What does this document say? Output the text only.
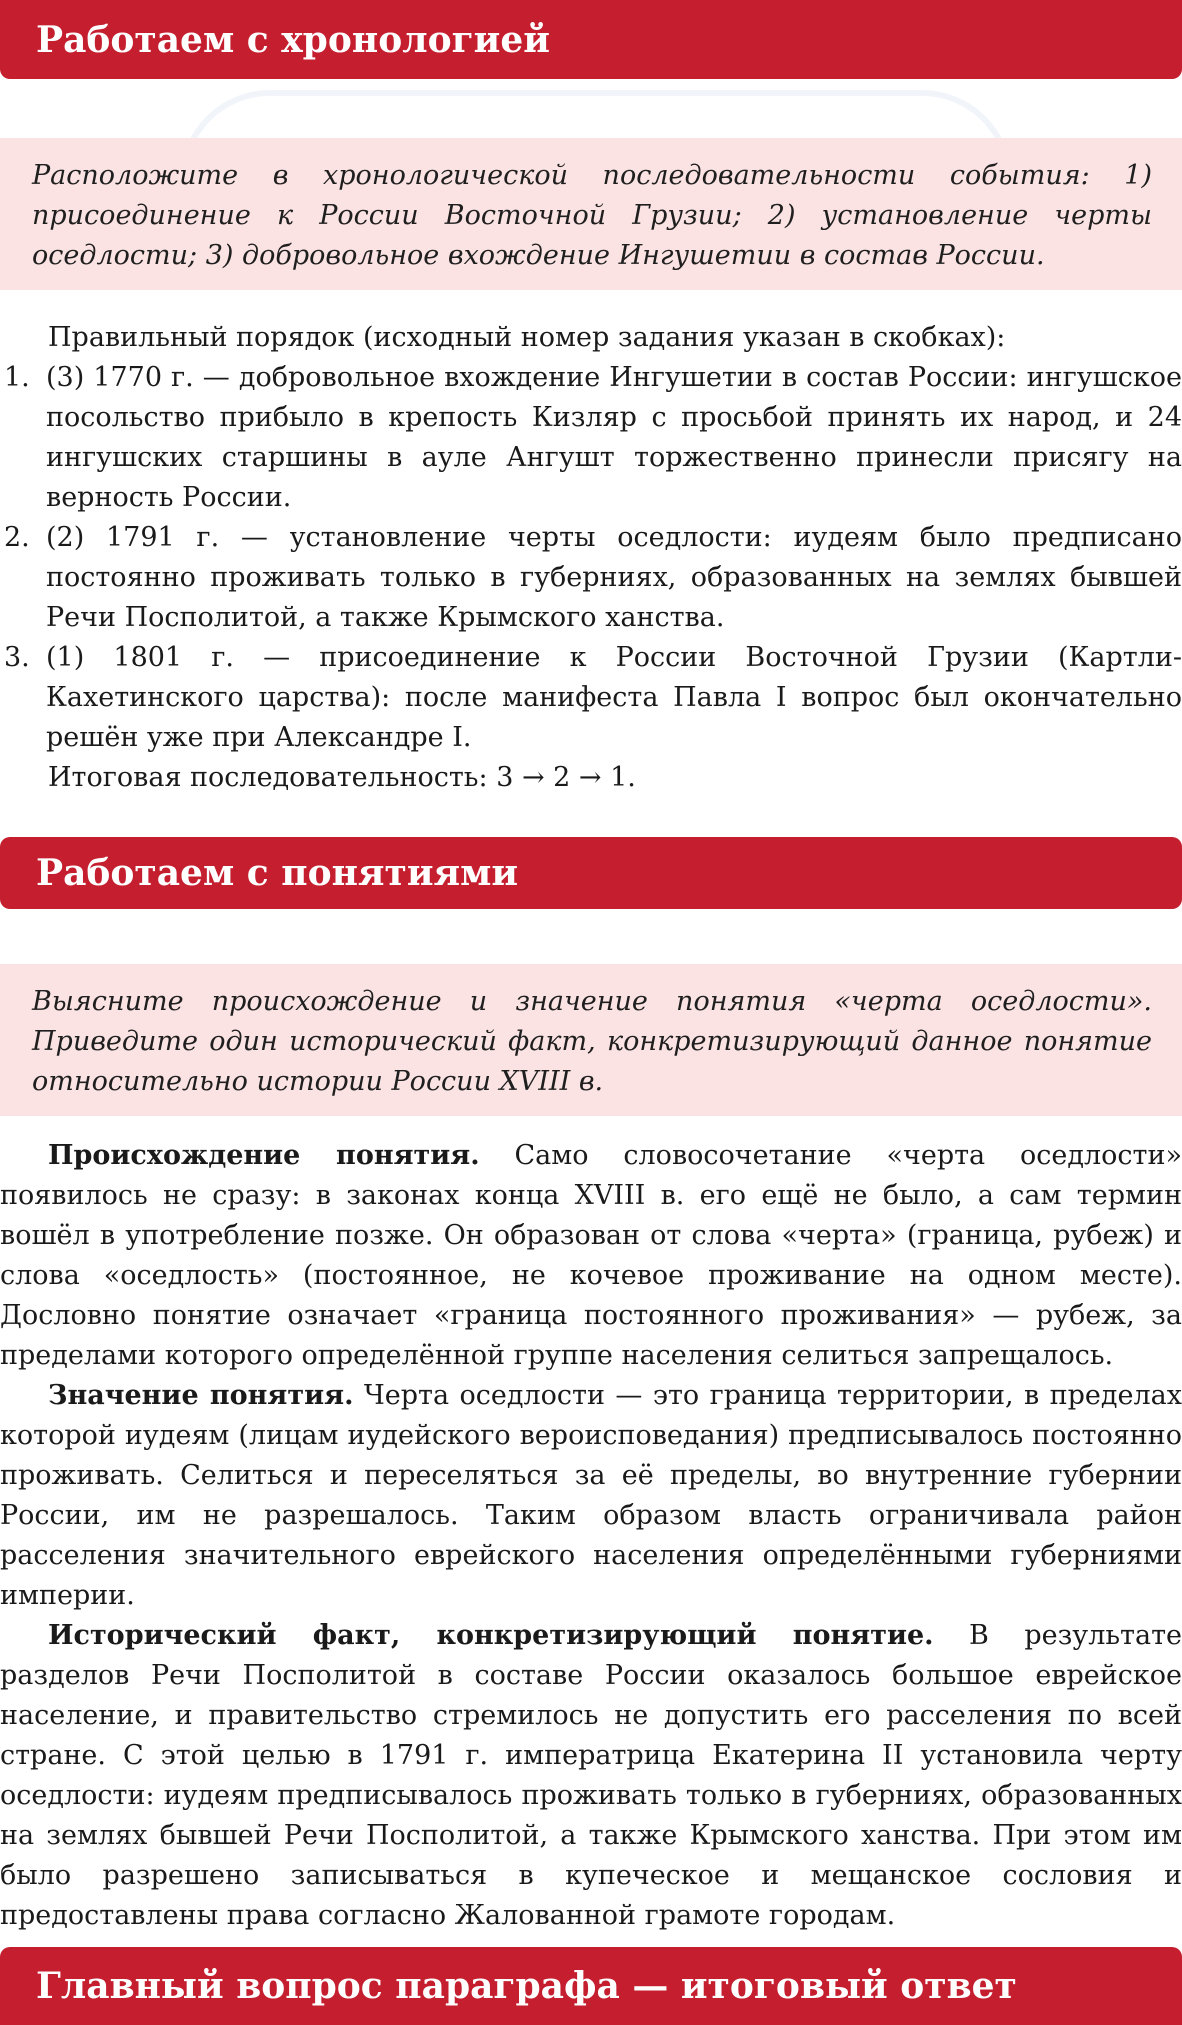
Работаем с хронологией

Расположите в хронологической последовательности события: 1) присоединение к России Восточной Грузии; 2) установление черты оседлости; 3) добровольное вхождение Ингушетии в состав России.

Правильный порядок (исходный номер задания указан в скобках):
1. (3) 1770 г. — добровольное вхождение Ингушетии в состав России: ингушское посольство прибыло в крепость Кизляр с просьбой принять их народ, и 24 ингушских старшины в ауле Ангушт торжественно принесли присягу на верность России.
2. (2) 1791 г. — установление черты оседлости: иудеям было предписано постоянно проживать только в губерниях, образованных на землях бывшей Речи Посполитой, а также Крымского ханства.
3. (1) 1801 г. — присоединение к России Восточной Грузии (Картли-Кахетинского царства): после манифеста Павла I вопрос был окончательно решён уже при Александре I.
Итоговая последовательность: 3 → 2 → 1.
Работаем с понятиями

Выясните происхождение и значение понятия «черта оседлости». Приведите один исторический факт, конкретизирующий данное понятие относительно истории России XVIII в.

Происхождение понятия. Само словосочетание «черта оседлости» появилось не сразу: в законах конца XVIII в. его ещё не было, а сам термин вошёл в употребление позже. Он образован от слова «черта» (граница, рубеж) и слова «оседлость» (постоянное, не кочевое проживание на одном месте). Дословно понятие означает «граница постоянного проживания» — рубеж, за пределами которого определённой группе населения селиться запрещалось.

Значение понятия. Черта оседлости — это граница территории, в пределах которой иудеям (лицам иудейского вероисповедания) предписывалось постоянно проживать. Селиться и переселяться за её пределы, во внутренние губернии России, им не разрешалось. Таким образом власть ограничивала район расселения значительного еврейского населения определёнными губерниями империи.

Исторический факт, конкретизирующий понятие. В результате разделов Речи Посполитой в составе России оказалось большое еврейское население, и правительство стремилось не допустить его расселения по всей стране. С этой целью в 1791 г. императрица Екатерина II установила черту оседлости: иудеям предписывалось проживать только в губерниях, образованных на землях бывшей Речи Посполитой, а также Крымского ханства. При этом им было разрешено записываться в купеческое и мещанское сословия и предоставлены права согласно Жалованной грамоте городам.

Главный вопрос параграфа — итоговый ответ
